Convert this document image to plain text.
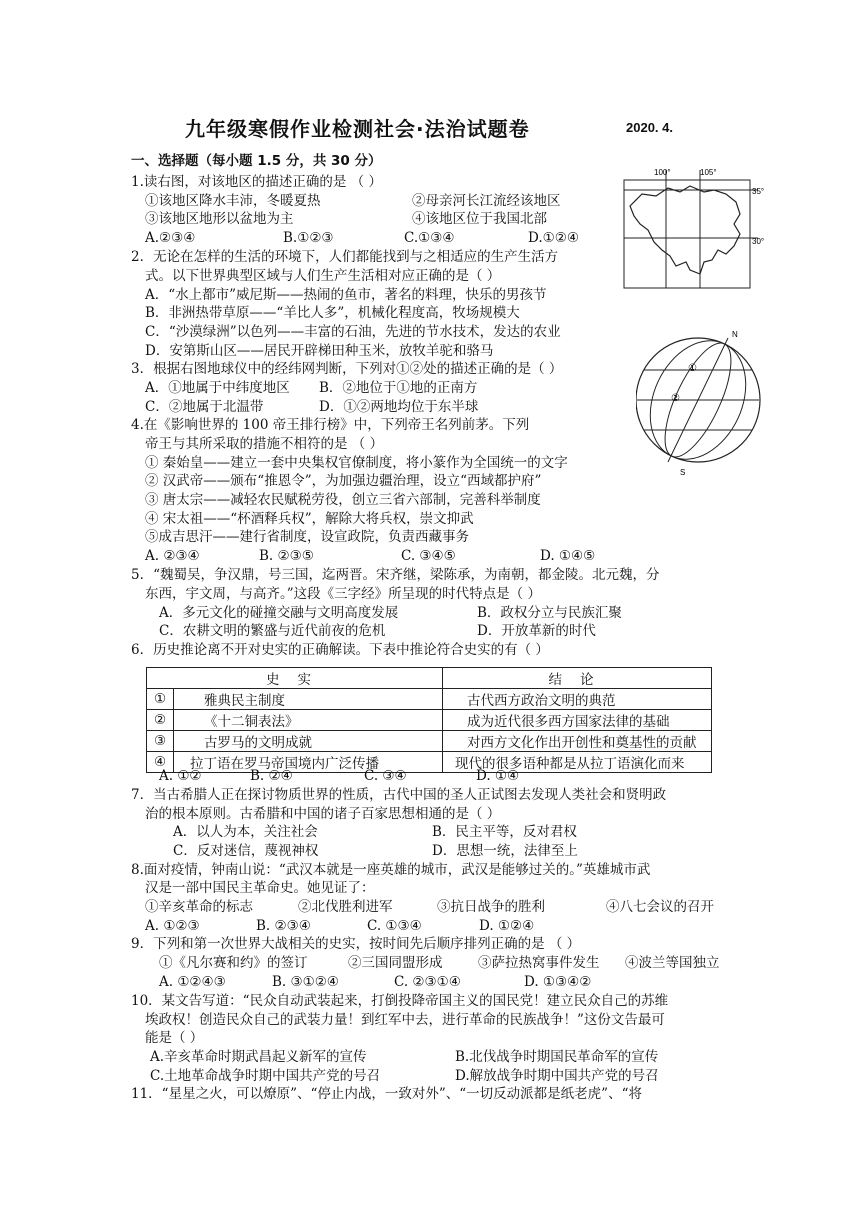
九年级寒假作业检测社会·法治试题卷	2020. 4.
一、选择题（每小题 1.5 分，共 30 分）
100°	105°
35°
30°
N
S
①
②
1.读右图，对该地区的描述正确的是 （ ）
①该地区降水丰沛，冬暖夏热	②母亲河长江流经该地区
③该地区地形以盆地为主	④该地区位于我国北部
A.②③④	B.①②③	C.①③④	D.①②④
2．无论在怎样的生活的环境下，人们都能找到与之相适应的生产生活方
式。以下世界典型区域与人们生产生活相对应正确的是（ ）
A．“水上都市”威尼斯——热闹的鱼市，著名的料理，快乐的男孩节
B．非洲热带草原——“羊比人多”，机械化程度高，牧场规模大
C．“沙漠绿洲”以色列——丰富的石油，先进的节水技术，发达的农业
D．安第斯山区——居民开辟梯田种玉米，放牧羊驼和骆马
3．根据右图地球仪中的经纬网判断，下列对①②处的描述正确的是（ ）
A．①地属于中纬度地区 B．②地位于①地的正南方
C．②地属于北温带	D．①②两地均位于东半球
4.在《影响世界的 100 帝王排行榜》中，下列帝王名列前茅。下列
帝王与其所采取的措施不相符的是 （ ）
① 秦始皇——建立一套中央集权官僚制度，将小篆作为全国统一的文字
② 汉武帝——颁布“推恩令”，为加强边疆治理，设立“西域都护府”
③ 唐太宗——减轻农民赋税劳役，创立三省六部制，完善科举制度
④ 宋太祖——“杯酒释兵权”，解除大将兵权，崇文抑武
⑤成吉思汗——建行省制度，设宣政院，负责西藏事务
A. ②③④	B. ②③⑤	C. ③④⑤	D. ①④⑤
5．“魏蜀吴，争汉鼎，号三国，迄两晋。宋齐继，梁陈承，为南朝，都金陵。北元魏，分
东西，宇文周，与高齐。”这段《三字经》所呈现的时代特点是（ ）
A．多元文化的碰撞交融与文明高度发展	B．政权分立与民族汇聚
C．农耕文明的繁盛与近代前夜的危机	D．开放革新的时代
6．历史推论离不开对史实的正确解读。下表中推论符合史实的有（ ）
史实		结论
①	雅典民主制度	古代西方政治文明的典范
②	《十二铜表法》	成为近代很多西方国家法律的基础
③	古罗马的文明成就	对西方文化作出开创性和奠基性的贡献
④	拉丁语在罗马帝国境内广泛传播	现代的很多语种都是从拉丁语演化而来
A. ①②	B. ②④	C. ③④	D. ①④
7．当古希腊人正在探讨物质世界的性质，古代中国的圣人正试图去发现人类社会和贤明政
治的根本原则。古希腊和中国的诸子百家思想相通的是（ ）
A．以人为本，关注社会	B．民主平等，反对君权
C．反对迷信，蔑视神权	D．思想一统，法律至上
8.面对疫情，钟南山说：“武汉本就是一座英雄的城市，武汉是能够过关的。”英雄城市武
汉是一部中国民主革命史。她见证了：
①辛亥革命的标志	②北伐胜利进军	③抗日战争的胜利	④八七会议的召开
A. ①②③	B. ②③④	C. ①③④	D. ①②④
9．下列和第一次世界大战相关的史实，按时间先后顺序排列正确的是 （ ）
①《凡尔赛和约》的签订	②三国同盟形成	③萨拉热窝事件发生 ④波兰等国独立
A. ①②④③	B. ③①②④	C. ②③①④	D. ①③④②
10．某文告写道：“民众自动武装起来，打倒投降帝国主义的国民党！建立民众自己的苏维
埃政权！创造民众自己的武装力量！到红军中去，进行革命的民族战争！”这份文告最可
能是（ ）
A.辛亥革命时期武昌起义新军的宣传	B.北伐战争时期国民革命军的宣传
C.土地革命战争时期中国共产党的号召	D.解放战争时期中国共产党的号召
11．“星星之火，可以燎原”、“停止内战，一致对外”、“一切反动派都是纸老虎”、“将
